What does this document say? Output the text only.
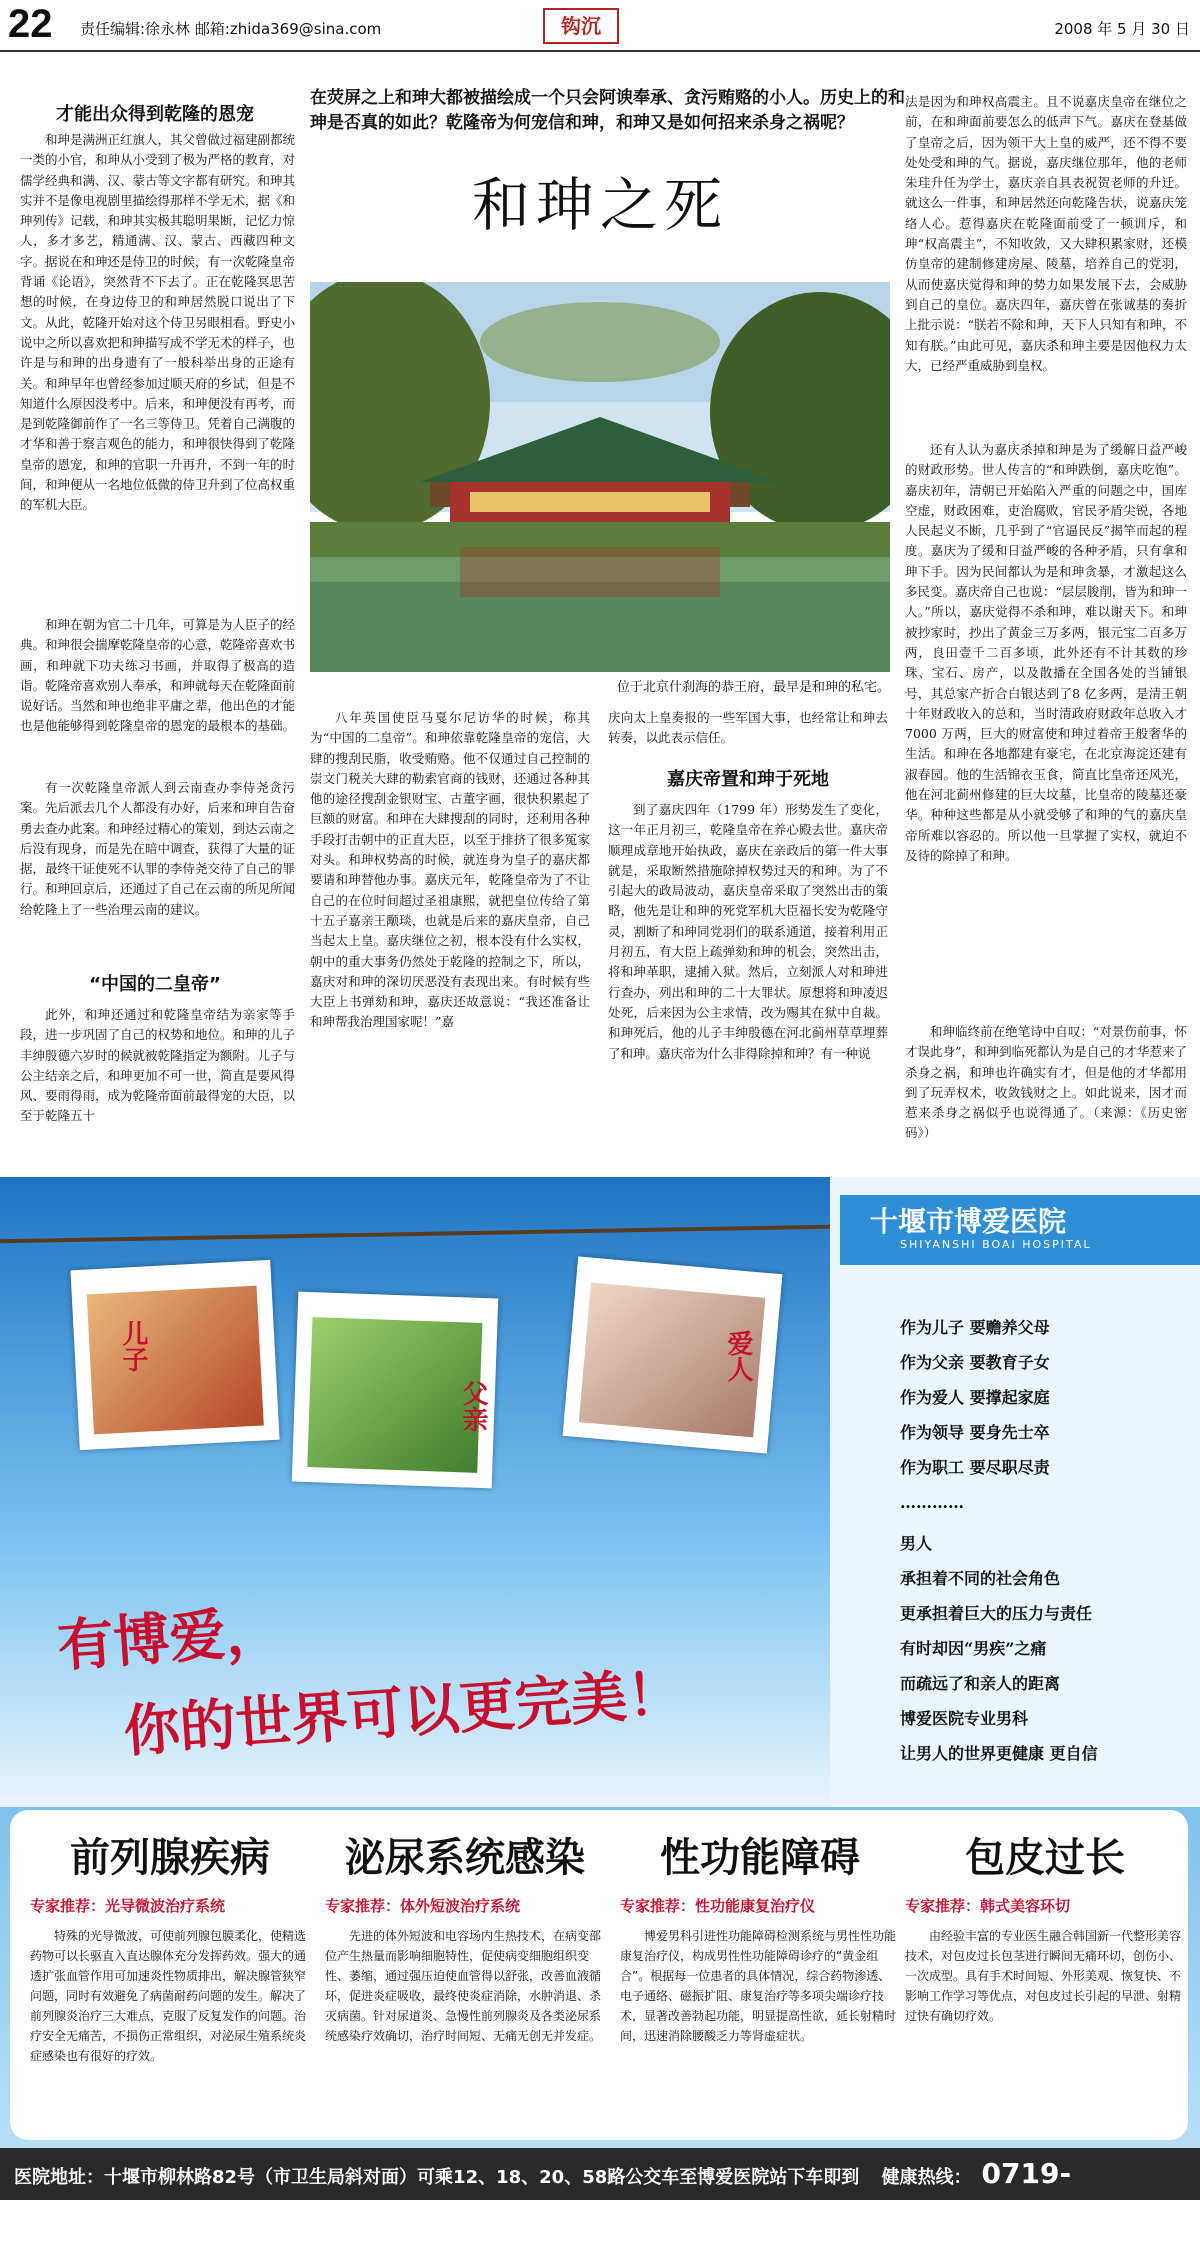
22 责任编辑:徐永林 邮箱:zhida369@sina.com	钩沉	2008 年 5 月 30 日
才能出众得到乾隆的恩宠

和珅是满洲正红旗人，其父曾做过福建副都统一类的小官，和珅从小受到了极为严格的教育，对儒学经典和满、汉、蒙古等文字都有研究。和珅其实并不是像电视剧里描绘得那样不学无术，据《和珅列传》记载，和珅其实极其聪明果断，记忆力惊人，多才多艺，精通满、汉、蒙古、西藏四种文字。据说在和珅还是侍卫的时候，有一次乾隆皇帝背诵《论语》，突然背不下去了。正在乾隆冥思苦想的时候，在身边侍卫的和珅居然脱口说出了下文。从此，乾隆开始对这个侍卫另眼相看。野史小说中之所以喜欢把和珅描写成不学无术的样子，也许是与和珅的出身遗有了一般科举出身的正途有关。和珅早年也曾经参加过顺天府的乡试，但是不知道什么原因没考中。后来，和珅便没有再考，而是到乾隆御前作了一名三等侍卫。凭着自己满腹的才华和善于察言观色的能力，和珅很快得到了乾隆皇帝的恩宠，和珅的官职一升再升，不到一年的时间，和珅便从一名地位低微的侍卫升到了位高权重的军机大臣。

和珅在朝为官二十几年，可算是为人臣子的经典。和珅很会揣摩乾隆皇帝的心意，乾隆帝喜欢书画，和珅就下功夫练习书画，并取得了极高的造诣。乾隆帝喜欢别人奉承，和珅就每天在乾隆面前说好话。当然和珅也绝非平庸之辈，他出色的才能也是他能够得到乾隆皇帝的恩宠的最根本的基础。

有一次乾隆皇帝派人到云南查办李侍尧贪污案。先后派去几个人都没有办好，后来和珅自告奋勇去查办此案。和珅经过精心的策划，到达云南之后没有现身，而是先在暗中调查，获得了大量的证据，最终干证使死不认罪的李侍尧交待了自己的罪行。和珅回京后，还通过了自己在云南的所见所闻给乾隆上了一些治理云南的建议。

“中国的二皇帝”

此外，和珅还通过和乾隆皇帝结为亲家等手段，进一步巩固了自己的权势和地位。和珅的儿子丰绅殷德六岁时的候就被乾隆指定为额附。儿子与公主结亲之后，和珅更加不可一世，简直是要风得风、要雨得雨，成为乾隆帝面前最得宠的大臣，以至于乾隆五十

在荧屏之上和珅大都被描绘成一个只会阿谀奉承、贪污贿赂的小人。历史上的和珅是否真的如此？乾隆帝为何宠信和珅，和珅又是如何招来杀身之祸呢？
和珅之死
位于北京什刹海的恭王府，最早是和珅的私宅。

八年英国使臣马戛尔尼访华的时候，称其为“中国的二皇帝”。和珅依靠乾隆皇帝的宠信，大肆的搜刮民脂，收受贿赂。他不仅通过自己控制的崇文门税关大肆的勒索官商的钱财，还通过各种其他的途径搜刮金银财宝、古董字画，很快积累起了巨额的财富。和珅在大肆搜刮的同时，还利用各种手段打击朝中的正直大臣，以至于排挤了很多冤家对头。和珅权势高的时候，就连身为皇子的嘉庆都要请和珅替他办事。嘉庆元年，乾隆皇帝为了不让自己的在位时间超过圣祖康熙，就把皇位传给了第十五子嘉亲王颙琰，也就是后来的嘉庆皇帝，自己当起太上皇。嘉庆继位之初，根本没有什么实权，朝中的重大事务仍然处于乾隆的控制之下，所以，嘉庆对和珅的深切厌恶没有表现出来。有时候有些大臣上书弹劾和珅，嘉庆还故意说：“我还准备让和珅帮我治理国家呢！”嘉

庆向太上皇奏报的一些军国大事，也经常让和珅去转奏，以此表示信任。

嘉庆帝置和珅于死地

到了嘉庆四年（1799 年）形势发生了变化，这一年正月初三，乾隆皇帝在养心殿去世。嘉庆帝顺理成章地开始执政，嘉庆在亲政后的第一件大事就是，采取断然措施除掉权势过天的和珅。为了不引起大的政局波动，嘉庆皇帝采取了突然出击的策略，他先是让和珅的死党军机大臣福长安为乾隆守灵，割断了和珅同党羽们的联系通道，接着利用正月初五，有大臣上疏弹劾和珅的机会，突然出击，将和珅革职，逮捕入狱。然后，立刻派人对和珅进行查办，列出和珅的二十大罪状。原想将和珅凌迟处死，后来因为公主求情，改为赐其在狱中自裁。和珅死后，他的儿子丰绅殷德在河北蓟州草草埋葬了和珅。嘉庆帝为什么非得除掉和珅？有一种说

法是因为和珅权高震主。且不说嘉庆皇帝在继位之前，在和珅面前要怎么的低声下气。嘉庆在登基做了皇帝之后，因为领干大上皇的威严，还不得不要处处受和珅的气。据说，嘉庆继位那年，他的老师朱珪升任为学士，嘉庆亲自具表祝贺老师的升迁。就这么一件事，和珅居然还向乾隆告状，说嘉庆笼络人心。惹得嘉庆在乾隆面前受了一顿训斥，和珅“权高震主”，不知收敛，又大肆积累家财，还模仿皇帝的建制修建房屋、陵墓，培养自己的党羽，从而使嘉庆觉得和珅的势力如果发展下去，会威胁到自己的皇位。嘉庆四年，嘉庆曾在张诚基的奏折上批示说：“朕若不除和珅，天下人只知有和珅，不知有朕。”由此可见，嘉庆杀和珅主要是因他权力太大，已经严重威胁到皇权。

还有人认为嘉庆杀掉和珅是为了缓解日益严峻的财政形势。世人传言的“和珅跌倒，嘉庆吃饱”。嘉庆初年，清朝已开始陷入严重的问题之中，国库空虚，财政困难，吏治腐败，官民矛盾尖锐，各地人民起义不断，几乎到了“官逼民反”揭竿而起的程度。嘉庆为了缓和日益严峻的各种矛盾，只有拿和珅下手。因为民间都认为是和珅贪暴，才激起这么多民变。嘉庆帝自己也说：“层层朘削，皆为和珅一人。”所以，嘉庆觉得不杀和珅，难以谢天下。和珅被抄家时，抄出了黄金三万多两，银元宝二百多万两，良田壹千二百多顷，此外还有不计其数的珍珠、宝石、房产，以及散播在全国各处的当铺银号，其总家产折合白银达到了8 亿多两，是清王朝十年财政收入的总和，当时清政府财政年总收入才7000 万两，巨大的财富使和珅过着帝王般奢华的生活。和珅在各地都建有豪宅，在北京海淀还建有淑春园。他的生活锦衣玉食，简直比皇帝还风光，他在河北蓟州修建的巨大坟墓，比皇帝的陵墓还豪华。种种这些都是从小就受够了和珅的气的嘉庆皇帝所难以容忍的。所以他一旦掌握了实权，就迫不及待的除掉了和珅。

和珅临终前在绝笔诗中自叹：“对景伤前事，怀才误此身”，和珅到临死都认为是自己的才华惹来了杀身之祸，和珅也许确实有才，但是他的才华都用到了玩弄权术，收敛钱财之上。如此说来，因才而惹来杀身之祸似乎也说得通了。（来源：《历史密码》）

儿子
父亲
爱人
有博爱，
你的世界可以更完美！
十堰市博爱医院
SHIYANSHI BOAI HOSPITAL
作为儿子 要赡养父母
作为父亲 要教育子女
作为爱人 要撑起家庭
作为领导 要身先士卒
作为职工 要尽职尽责
…………
男人
承担着不同的社会角色
更承担着巨大的压力与责任
有时却因“男疾”之痛
而疏远了和亲人的距离
博爱医院专业男科
让男人的世界更健康 更自信
前列腺疾病
专家推荐：光导微波治疗系统
特殊的光导微波，可使前列腺包膜柔化，使精选药物可以长驱直入直达腺体充分发挥药效。强大的通透扩张血管作用可加速炎性物质排出，解决腺管狭窄问题，同时有效避免了病菌耐药问题的发生。解决了前列腺炎治疗三大难点，克服了反复发作的问题。治疗安全无痛苦，不损伤正常组织，对泌尿生殖系统炎症感染也有很好的疗效。
泌尿系统感染
专家推荐：体外短波治疗系统
先进的体外短波和电容场内生热技术，在病变部位产生热量而影响细胞特性，促使病变细胞组织变性、萎缩，通过强压迫使血管得以舒张，改善血液循环，促进炎症吸收，最终使炎症消除，水肿消退、杀灭病菌。针对尿道炎、急慢性前列腺炎及各类泌尿系统感染疗效确切，治疗时间短、无痛无创无并发症。
性功能障碍
专家推荐：性功能康复治疗仪
博爱男科引进性功能障碍检测系统与男性性功能康复治疗仪，构成男性性功能障碍诊疗的“黄金组合”。根据每一位患者的具体情况，综合药物渗透、电子通络、磁振扩阻、康复治疗等多项尖端诊疗技术，显著改善勃起功能，明显提高性欲，延长射精时间，迅速消除腰酸乏力等肾虚症状。
包皮过长
专家推荐：韩式美容环切
由经验丰富的专业医生融合韩国新一代整形美容技术，对包皮过长包茎进行瞬间无痛环切，创伤小、一次成型。具有手术时间短、外形美观、恢复快、不影响工作学习等优点，对包皮过长引起的早泄、射精过快有确切疗效。
医院地址：十堰市柳林路82号（市卫生局斜对面）可乘12、18、20、58路公交车至博爱医院站下车即到 健康热线： 0719-8200000
